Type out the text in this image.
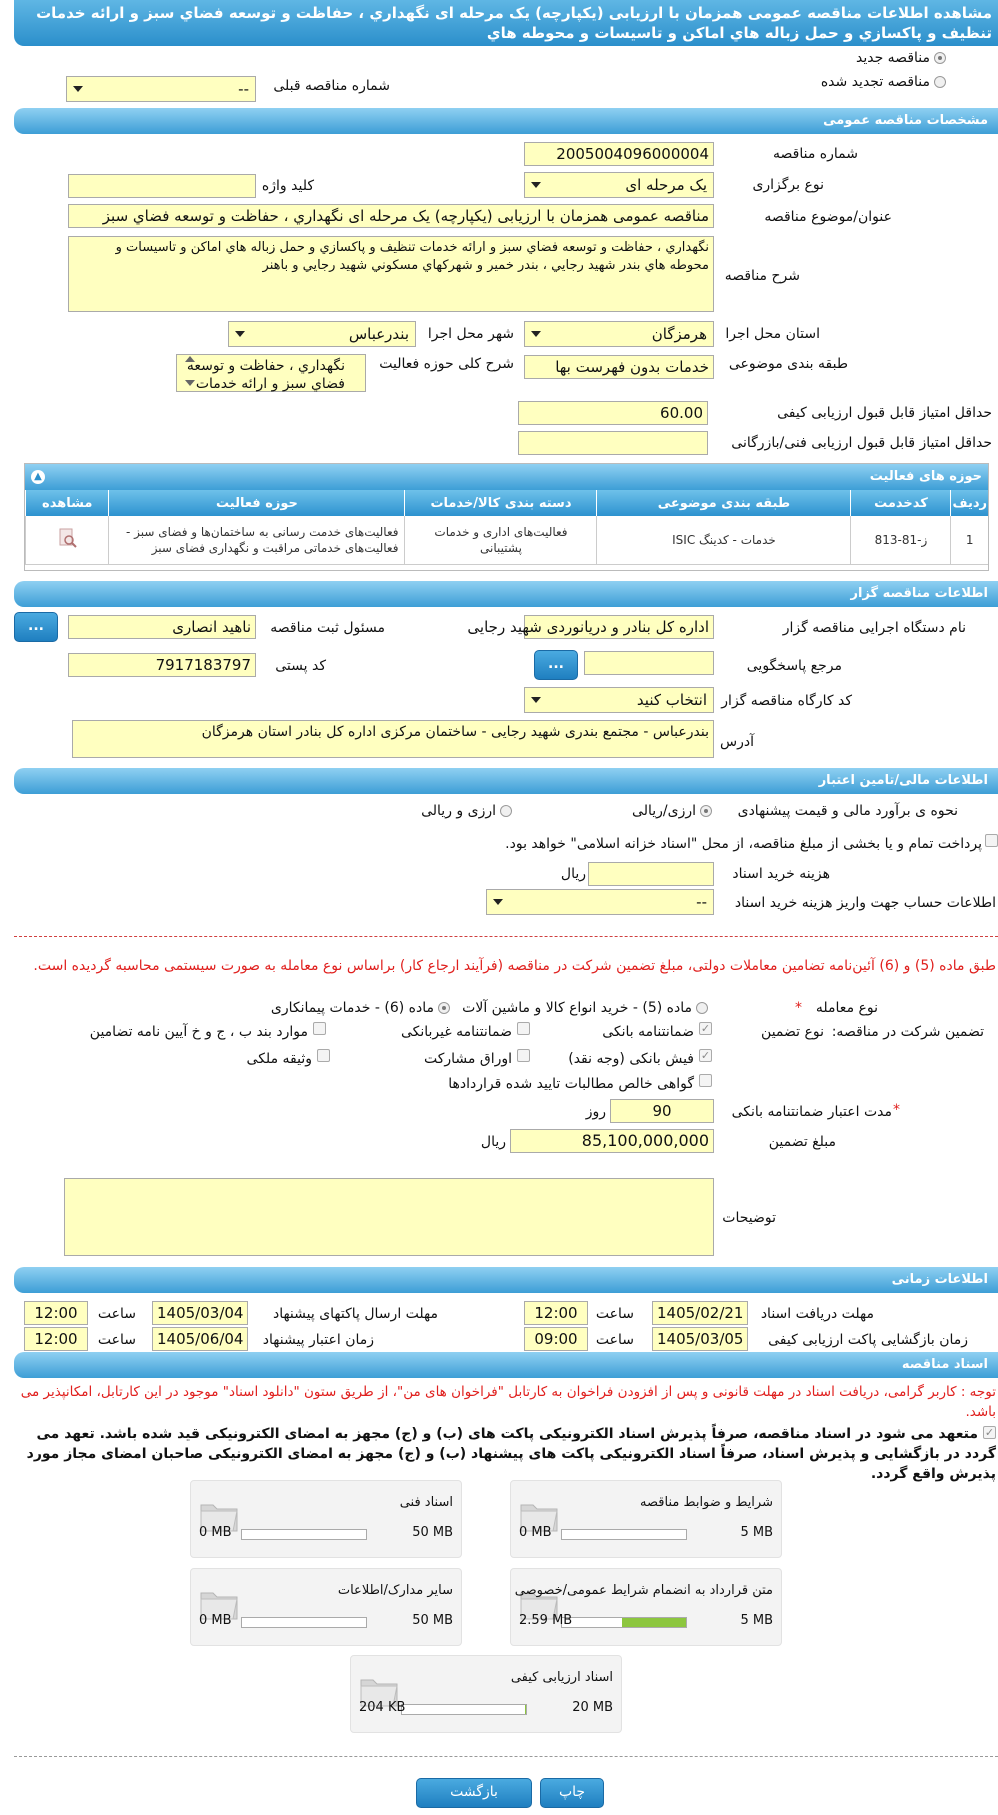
مشاهده اطلاعات مناقصه عمومی همزمان با ارزیابی (یکپارچه) یک مرحله ای نگهداري ، حفاظت و توسعه فضاي سبز و ارائه خدمات تنظيف و پاكسازي و حمل زباله هاي اماكن و تاسيسات و محوطه هاي
مناقصه جدید
مناقصه تجدید شده
شماره مناقصه قبلی
--
مشخصات مناقصه عمومی
شماره مناقصه
2005004096000004
نوع برگزاری
یک مرحله ای
کلید واژه
عنوان/موضوع مناقصه
مناقصه عمومی همزمان با ارزیابی (یکپارچه) یک مرحله ای نگهداري ، حفاظت و توسعه فضاي سبز
شرح مناقصه
نگهداري ، حفاظت و توسعه فضاي سبز و ارائه خدمات تنظيف و پاكسازي و حمل زباله هاي اماكن و تاسيسات و محوطه هاي بندر شهيد رجايي ، بندر خمير و شهركهاي مسكوني شهيد رجايي و باهنر
استان محل اجرا
هرمزگان
شهر محل اجرا
بندرعباس
طبقه بندی موضوعی
خدمات بدون فهرست بها
شرح کلی حوزه فعالیت
نگهداري ، حفاظت و توسعه فضاي سبز و ارائه خدمات
حداقل امتیاز قابل قبول ارزیابی کیفی
60.00
حداقل امتیاز قابل قبول ارزیابی فنی/بازرگانی
حوزه های فعالیت
▲
ردیف	کدخدمت	طبقه بندی موضوعی	دسته بندی کالا/خدمات	حوزه فعالیت	مشاهده
1	ز-81-813	خدمات - کدینگ ISIC	فعالیت‌های اداری و خدمات پشتیبانی	فعالیت‌های خدمت رسانی به ساختمان‌ها و فضای سبز - فعالیت‌های خدماتی مراقبت و نگهداری فضای سبز	
اطلاعات مناقصه گزار
نام دستگاه اجرایی مناقصه گزار
اداره کل بنادر و دریانوردی شهید رجایی
مسئول ثبت مناقصه
ناهید انصاری
...
مرجع پاسخگویی
...
کد پستی
7917183797
کد کارگاه مناقصه گزار
انتخاب کنید
آدرس
بندرعباس - مجتمع بندری شهید رجایی - ساختمان مرکزی اداره کل بنادر استان هرمزگان
اطلاعات مالی/تامین اعتبار
نحوه ی برآورد مالی و قیمت پیشنهادی
ارزی/ریالی
ارزی و ریالی
پرداخت تمام و یا بخشی از مبلغ مناقصه، از محل "اسناد خزانه اسلامی" خواهد بود.
هزینه خرید اسناد
ریال
اطلاعات حساب جهت واریز هزینه خرید اسناد
--
طبق ماده (5) و (6) آئین‌نامه تضامین معاملات دولتی، مبلغ تضمین شرکت در مناقصه (فرآیند ارجاع کار) براساس نوع معامله به صورت سیستمی محاسبه گردیده است.
* نوع معامله
ماده (5) - خرید انواع کالا و ماشین آلات
ماده (6) - خدمات پیمانکاری
تضمین شرکت در مناقصه:
نوع تضمین
✓
ضمانتنامه بانکی
ضمانتنامه غیربانکی
موارد بند ب ، ج و خ آیین نامه تضامین
✓
فیش بانکی (وجه نقد)
اوراق مشارکت
وثیقه ملکی
گواهی خالص مطالبات تایید شده قراردادها
*
مدت اعتبار ضمانتنامه بانکی
90
روز
مبلغ تضمین
85,100,000,000
ریال
توضیحات
اطلاعات زمانی
مهلت دریافت اسناد
1405/02/21
ساعت
12:00
مهلت ارسال پاکتهای پیشنهاد
1405/03/04
ساعت
12:00
زمان بازگشایی پاکت ارزیابی کیفی
1405/03/05
ساعت
09:00
زمان اعتبار پیشنهاد
1405/06/04
ساعت
12:00
اسناد مناقصه
توجه : کاربر گرامی، دریافت اسناد در مهلت قانونی و پس از افزودن فراخوان به کارتابل "فراخوان های من"، از طریق ستون "دانلود اسناد" موجود در این کارتابل، امکانپذیر می باشد.
✓
متعهد می شود در اسناد مناقصه، صرفاً پذیرش اسناد الکترونیکی پاکت های (ب) و (ج) مجهز به امضای الکترونیکی قید شده باشد. تعهد می گردد در بازگشایی و پذیرش اسناد، صرفاً اسناد الکترونیکی پاکت های پیشنهاد (ب) و (ج) مجهز به امضای الکترونیکی صاحبان امضای مجاز مورد پذیرش واقع گردد.
شرایط و ضوابط مناقصه
5 MB
0 MB
اسناد فنی
50 MB
0 MB
متن قرارداد به انضمام شرایط عمومی/خصوصی
5 MB
2.59 MB
سایر مدارک/اطلاعات
50 MB
0 MB
اسناد ارزیابی کیفی
20 MB
204 KB
بازگشت	چاپ
